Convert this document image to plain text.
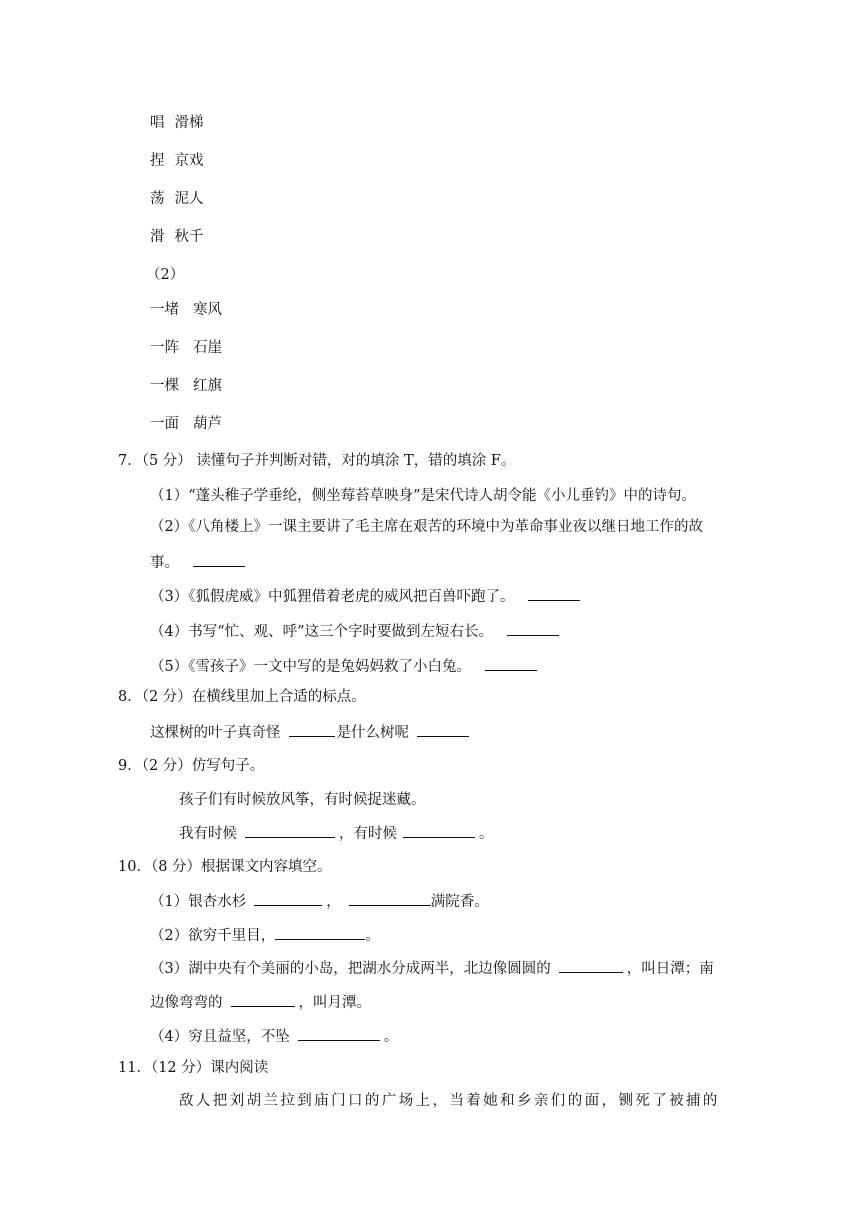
唱 滑梯
捏 京戏
荡 泥人
滑 秋千
（2）
一堵 寒风
一阵 石崖
一棵 红旗
一面 葫芦
7．（5 分） 读懂句子并判断对错，对的填涂 T，错的填涂 F。
（1）“蓬头稚子学垂纶，侧坐莓苔草映身”是宋代诗人胡令能《小儿垂钓》中的诗句。
（2）《八角楼上》一课主要讲了毛主席在艰苦的环境中为革命事业夜以继日地工作的故
事。
（3）《狐假虎威》中狐狸借着老虎的威风把百兽吓跑了。
（4）书写“忙、观、呼”这三个字时要做到左短右长。
（5）《雪孩子》一文中写的是兔妈妈救了小白兔。
8．（2 分）在横线里加上合适的标点。
这棵树的叶子真奇怪	是什么树呢
9．（2 分）仿写句子。
孩子们有时候放风筝，有时候捉迷藏。
我有时候	，有时候	。
10．（8 分）根据课文内容填空。
（1）银杏水杉	，	满院香。
（2）欲穷千里目，	。
（3）湖中央有个美丽的小岛，把湖水分成两半，北边像圆圆的	，叫日潭；南
边像弯弯的	，叫月潭。
（4）穷且益坚，不坠	。
11．（12 分）课内阅读
敌人把刘胡兰拉到庙门口的广场上，当着她和乡亲们的面，铡死了被捕的
